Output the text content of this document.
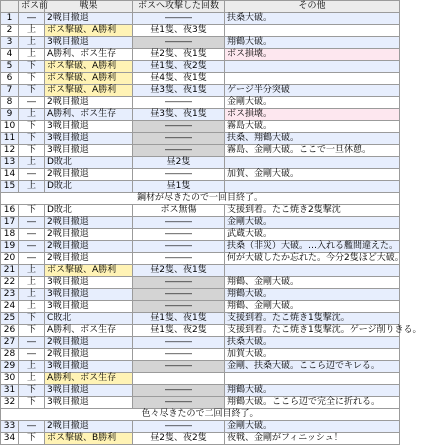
	ボス前	戦果	ボスへ攻撃した回数	その他
1	―	2戦目撤退	―――	扶桑大破。
2	上	ボス撃破、A勝利	昼1隻、夜3隻	
3	上	3戦目撤退	―――	翔鶴大破。
4	上	A勝利、ボス生存	昼2隻、夜1隻	ボス損壊。
5	下	ボス撃破、A勝利	昼1隻、夜2隻	
6	下	ボス撃破、A勝利	昼4隻、夜1隻	
7	下	ボス撃破、A勝利	昼3隻、夜1隻	ゲージ半分突破
8	―	2戦目撤退	―――	金剛大破。
9	上	A勝利、ボス生存	昼3隻、夜1隻	ボス損壊。
10	下	3戦目撤退	―――	霧島大破。
11	下	3戦目撤退	―――	扶桑、翔鶴大破。
12	下	3戦目撤退	―――	霧島、金剛大破。ここで一旦休憩。
13	上	D敗北	昼2隻	
14	―	2戦目撤退	―――	加賀、金剛大破。
15	上	D敗北	昼1隻	
鋼材が尽きたので一回目終了。				
16	下	D敗北	ボス無傷	支援到着。たこ焼き2隻撃沈
17	―	2戦目撤退	―――	金剛大破。
18	―	2戦目撤退	―――	武蔵大破。
19	―	2戦目撤退	―――	扶桑（非災）大破。…入れる艦間違えた。
20	―	2戦目撤退	―――	何が大破したか忘れた。今分2隻ほど大破。
21	上	ボス撃破、A勝利	昼2隻、夜1隻	
22	上	3戦目撤退	―――	翔鶴、金剛大破。
23	上	3戦目撤退	―――	翔鶴大破。
24	上	3戦目撤退	―――	翔鶴、金剛大破。
25	下	C敗北	昼1隻、夜1隻	支援到着。たこ焼き1隻撃沈。
26	下	A勝利、ボス生存	昼1隻、夜2隻	支援到着。たこ焼き1隻撃沈。ゲージ削りきる。
27	―	2戦目撤退	―――	扶桑大破。
28	―	2戦目撤退	―――	加賀大破。
29	上	3戦目撤退	―――	金剛、扶桑大破。ここら辺でキレる。
30	上	A勝利、ボス生存		
31	下	3戦目撤退	―――	翔鶴大破。
32	下	3戦目撤退	―――	翔鶴大破。ここら辺で完全に折れる。
色々尽きたので二回目終了。				
33	―	2戦目撤退	―――	金剛大破。
34	下	ボス撃破、B勝利	昼2隻、夜2隻	夜戦、金剛がフィニッシュ！
